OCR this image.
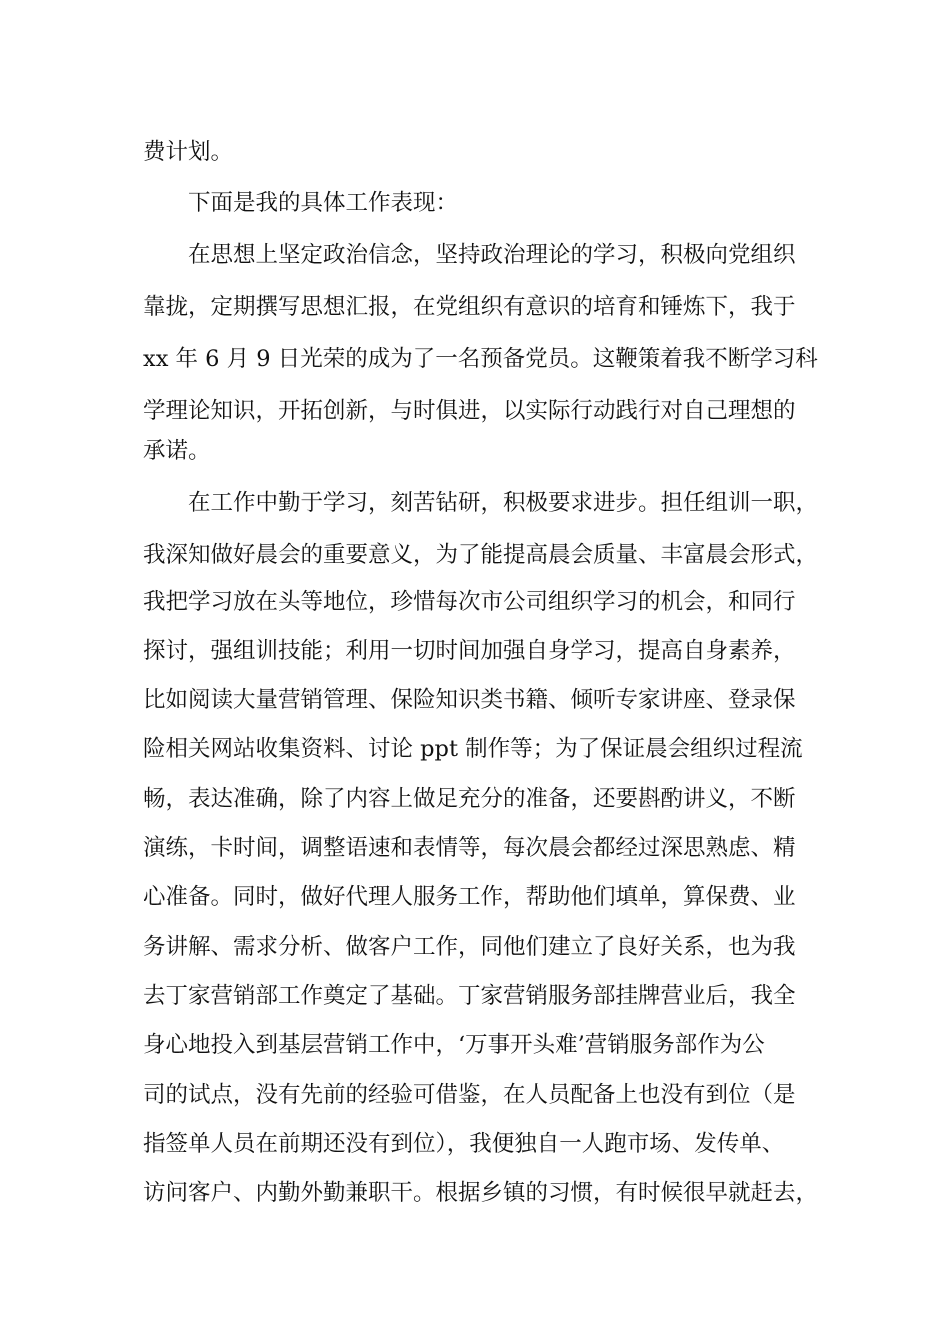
费计划。
下面是我的具体工作表现：
在思想上坚定政治信念，坚持政治理论的学习，积极向党组织
靠拢，定期撰写思想汇报，在党组织有意识的培育和锤炼下，我于
xx 年 6 月 9 日光荣的成为了一名预备党员。这鞭策着我不断学习科
学理论知识，开拓创新，与时俱进，以实际行动践行对自己理想的
承诺。
在工作中勤于学习，刻苦钻研，积极要求进步。担任组训一职，
我深知做好晨会的重要意义，为了能提高晨会质量、丰富晨会形式，
我把学习放在头等地位，珍惜每次市公司组织学习的机会，和同行
探讨，强组训技能；利用一切时间加强自身学习，提高自身素养，
比如阅读大量营销管理、保险知识类书籍、倾听专家讲座、登录保
险相关网站收集资料、讨论 ppt 制作等；为了保证晨会组织过程流
畅，表达准确，除了内容上做足充分的准备，还要斟酌讲义，不断
演练，卡时间，调整语速和表情等，每次晨会都经过深思熟虑、精
心准备。同时，做好代理人服务工作，帮助他们填单，算保费、业
务讲解、需求分析、做客户工作，同他们建立了良好关系，也为我
去丁家营销部工作奠定了基础。丁家营销服务部挂牌营业后，我全
身心地投入到基层营销工作中，‘万事开头难’营销服务部作为公
司的试点，没有先前的经验可借鉴，在人员配备上也没有到位（是
指签单人员在前期还没有到位），我便独自一人跑市场、发传单、
访问客户、内勤外勤兼职干。根据乡镇的习惯，有时候很早就赶去，
